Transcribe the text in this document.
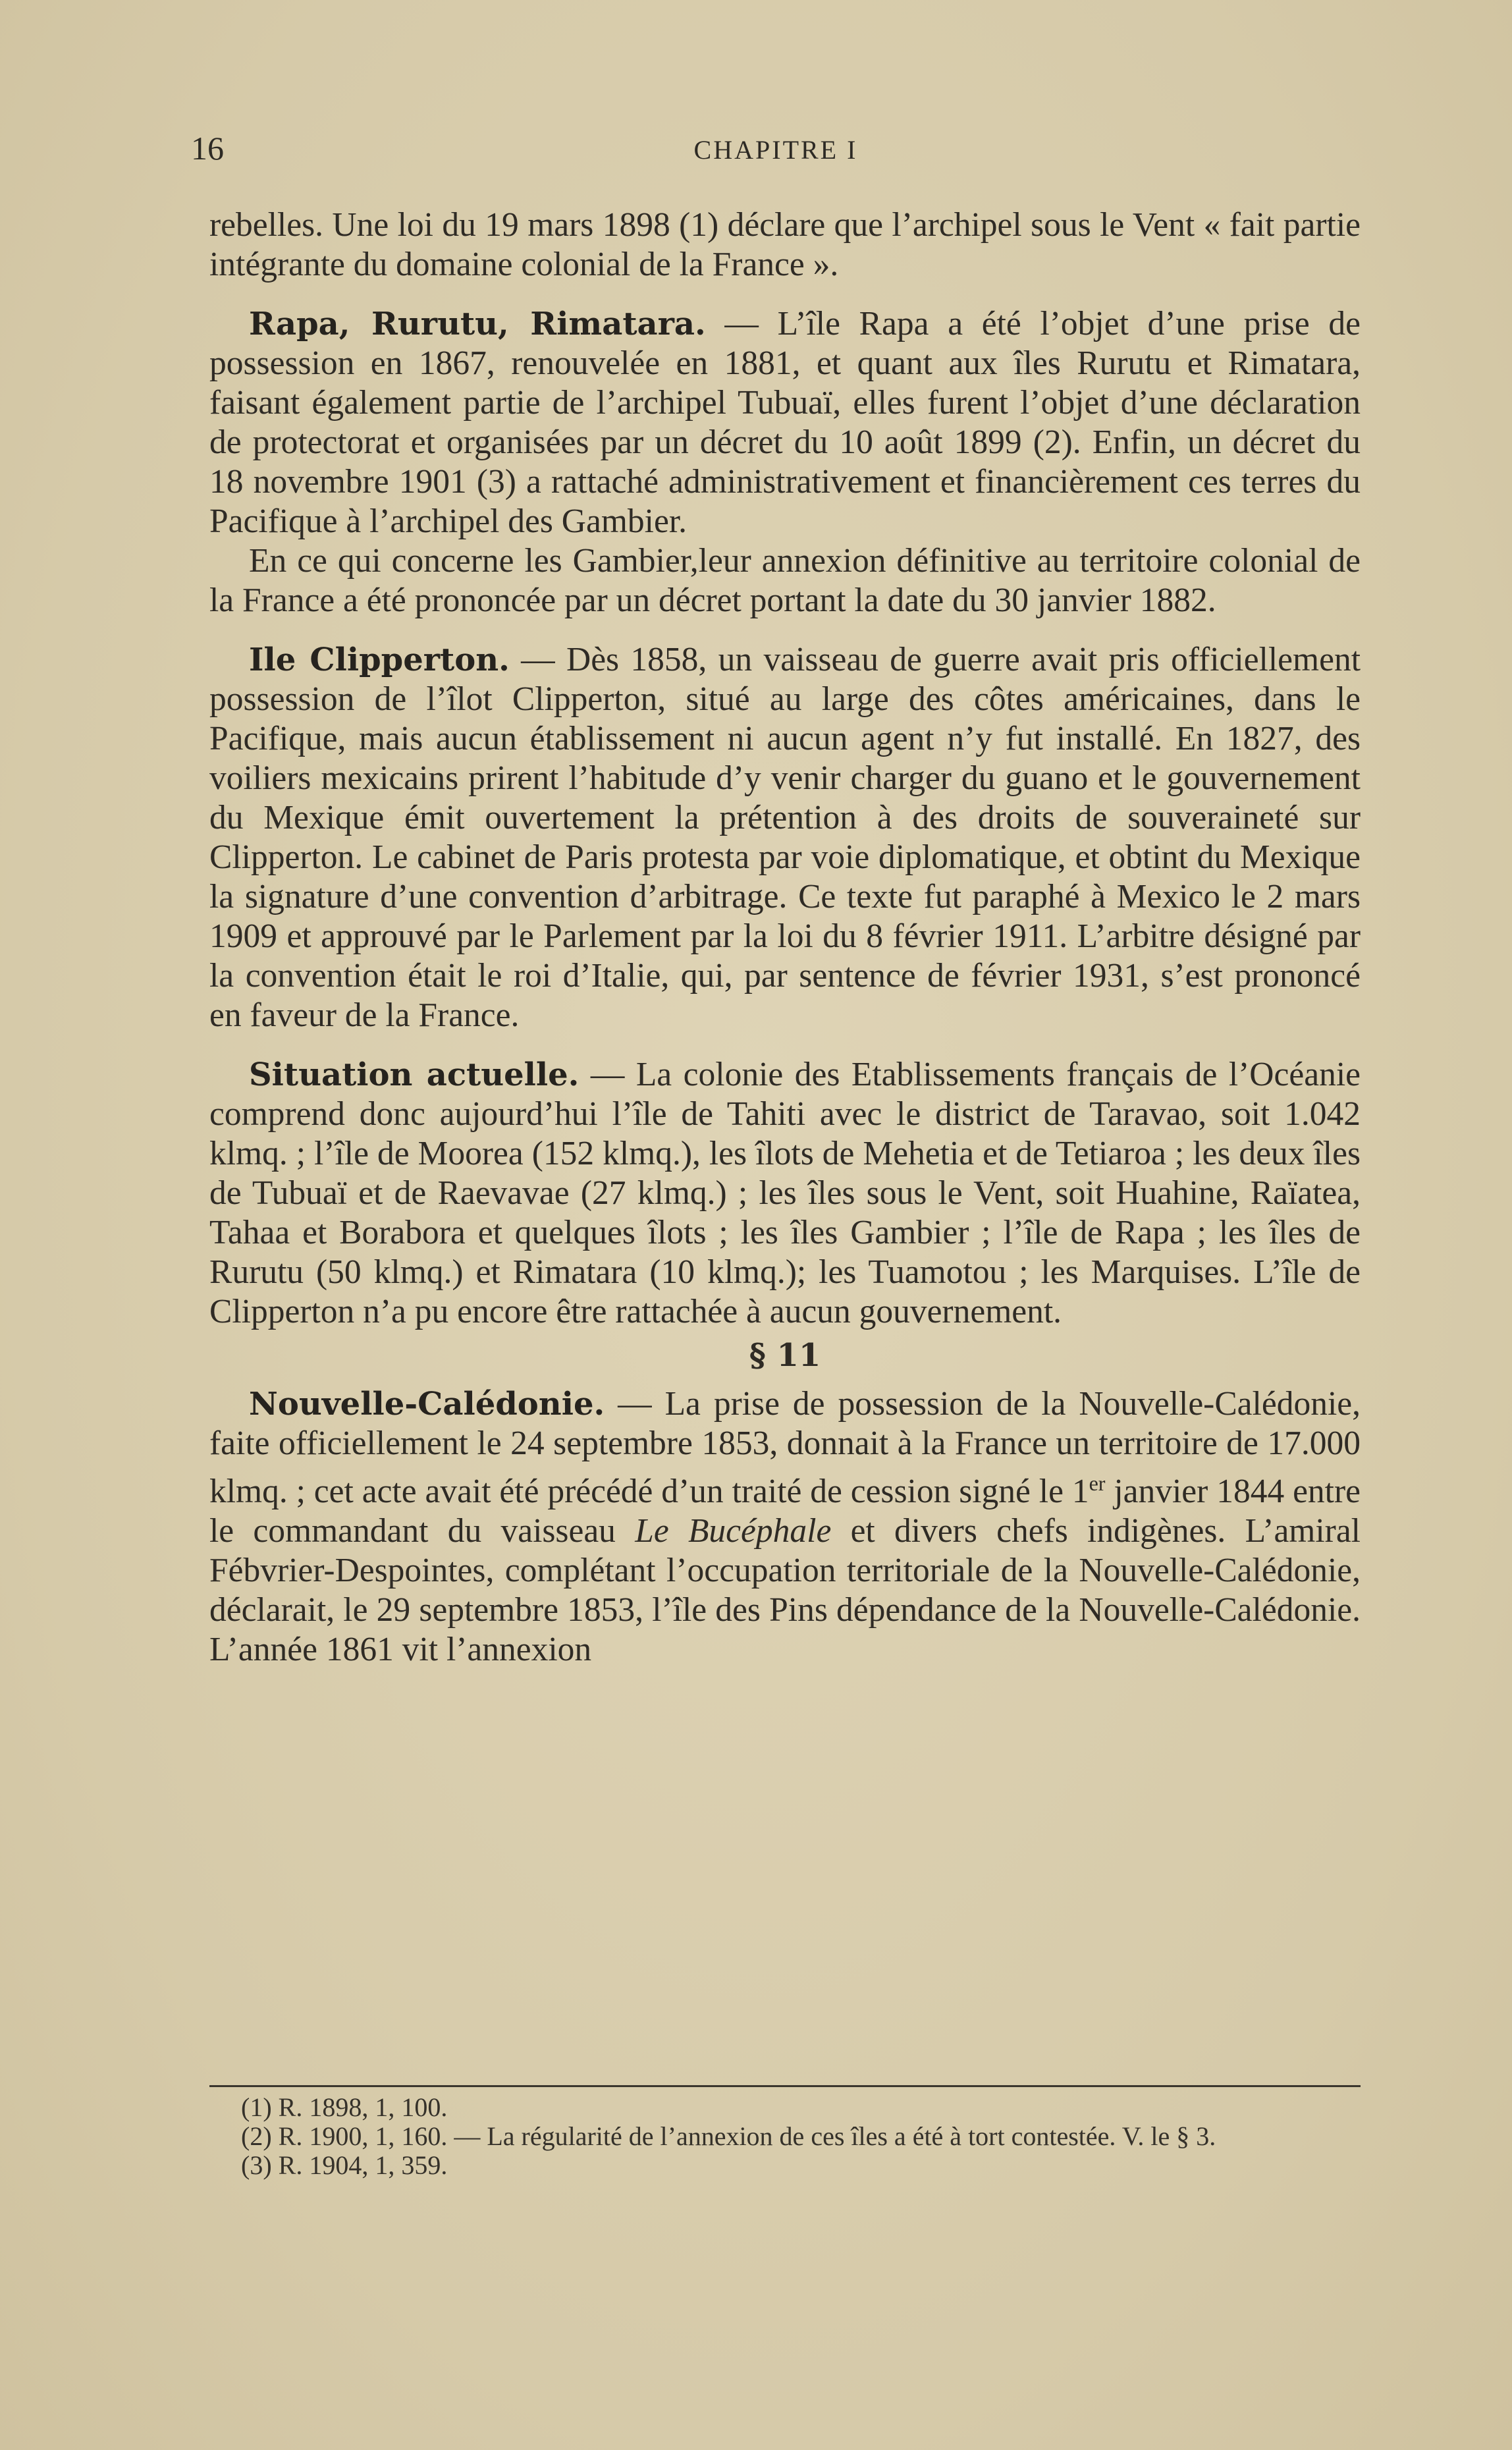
16	CHAPITRE I

rebelles. Une loi du 19 mars 1898 (1) déclare que l’archipel sous le Vent « fait partie intégrante du domaine colonial de la France ».

Rapa, Rurutu, Rimatara. — L’île Rapa a été l’objet d’une prise de possession en 1867, renouvelée en 1881, et quant aux îles Rurutu et Rimatara, faisant également partie de l’archipel Tubuaï, elles furent l’objet d’une déclaration de protectorat et organisées par un décret du 10 août 1899 (2). Enfin, un décret du 18 novembre 1901 (3) a rattaché administrativement et financièrement ces terres du Pacifique à l’archipel des Gambier.

En ce qui concerne les Gambier,leur annexion définitive au territoire colonial de la France a été prononcée par un décret portant la date du 30 janvier 1882.

Ile Clipperton. — Dès 1858, un vaisseau de guerre avait pris officiellement possession de l’îlot Clipperton, situé au large des côtes américaines, dans le Pacifique, mais aucun établissement ni aucun agent n’y fut installé. En 1827, des voiliers mexicains prirent l’habitude d’y venir charger du guano et le gouvernement du Mexique émit ouvertement la prétention à des droits de souveraineté sur Clipperton. Le cabinet de Paris protesta par voie diplomatique, et obtint du Mexique la signature d’une convention d’arbitrage. Ce texte fut paraphé à Mexico le 2 mars 1909 et approuvé par le Parlement par la loi du 8 février 1911. L’arbitre désigné par la convention était le roi d’Italie, qui, par sentence de février 1931, s’est prononcé en faveur de la France.

Situation actuelle. — La colonie des Etablissements français de l’Océanie comprend donc aujourd’hui l’île de Tahiti avec le district de Taravao, soit 1.042 klmq. ; l’île de Moorea (152 klmq.), les îlots de Mehetia et de Tetiaroa ; les deux îles de Tubuaï et de Raevavae (27 klmq.) ; les îles sous le Vent, soit Huahine, Raïatea, Tahaa et Borabora et quelques îlots ; les îles Gambier ; l’île de Rapa ; les îles de Rurutu (50 klmq.) et Rimatara (10 klmq.); les Tuamotou ; les Marquises. L’île de Clipperton n’a pu encore être rattachée à aucun gouvernement.

§ 11

Nouvelle-Calédonie. — La prise de possession de la Nouvelle-Calédonie, faite officiellement le 24 septembre 1853, donnait à la France un territoire de 17.000 klmq. ; cet acte avait été précédé d’un traité de cession signé le 1er janvier 1844 entre le commandant du vaisseau Le Bucéphale et divers chefs indigènes. L’amiral Fébvrier-Despointes, complétant l’occupation territoriale de la Nouvelle-Calédonie, déclarait, le 29 septembre 1853, l’île des Pins dépendance de la Nouvelle-Calédonie. L’année 1861 vit l’annexion

(1) R. 1898, 1, 100.

(2) R. 1900, 1, 160. — La régularité de l’annexion de ces îles a été à tort contestée. V. le § 3.

(3) R. 1904, 1, 359.
